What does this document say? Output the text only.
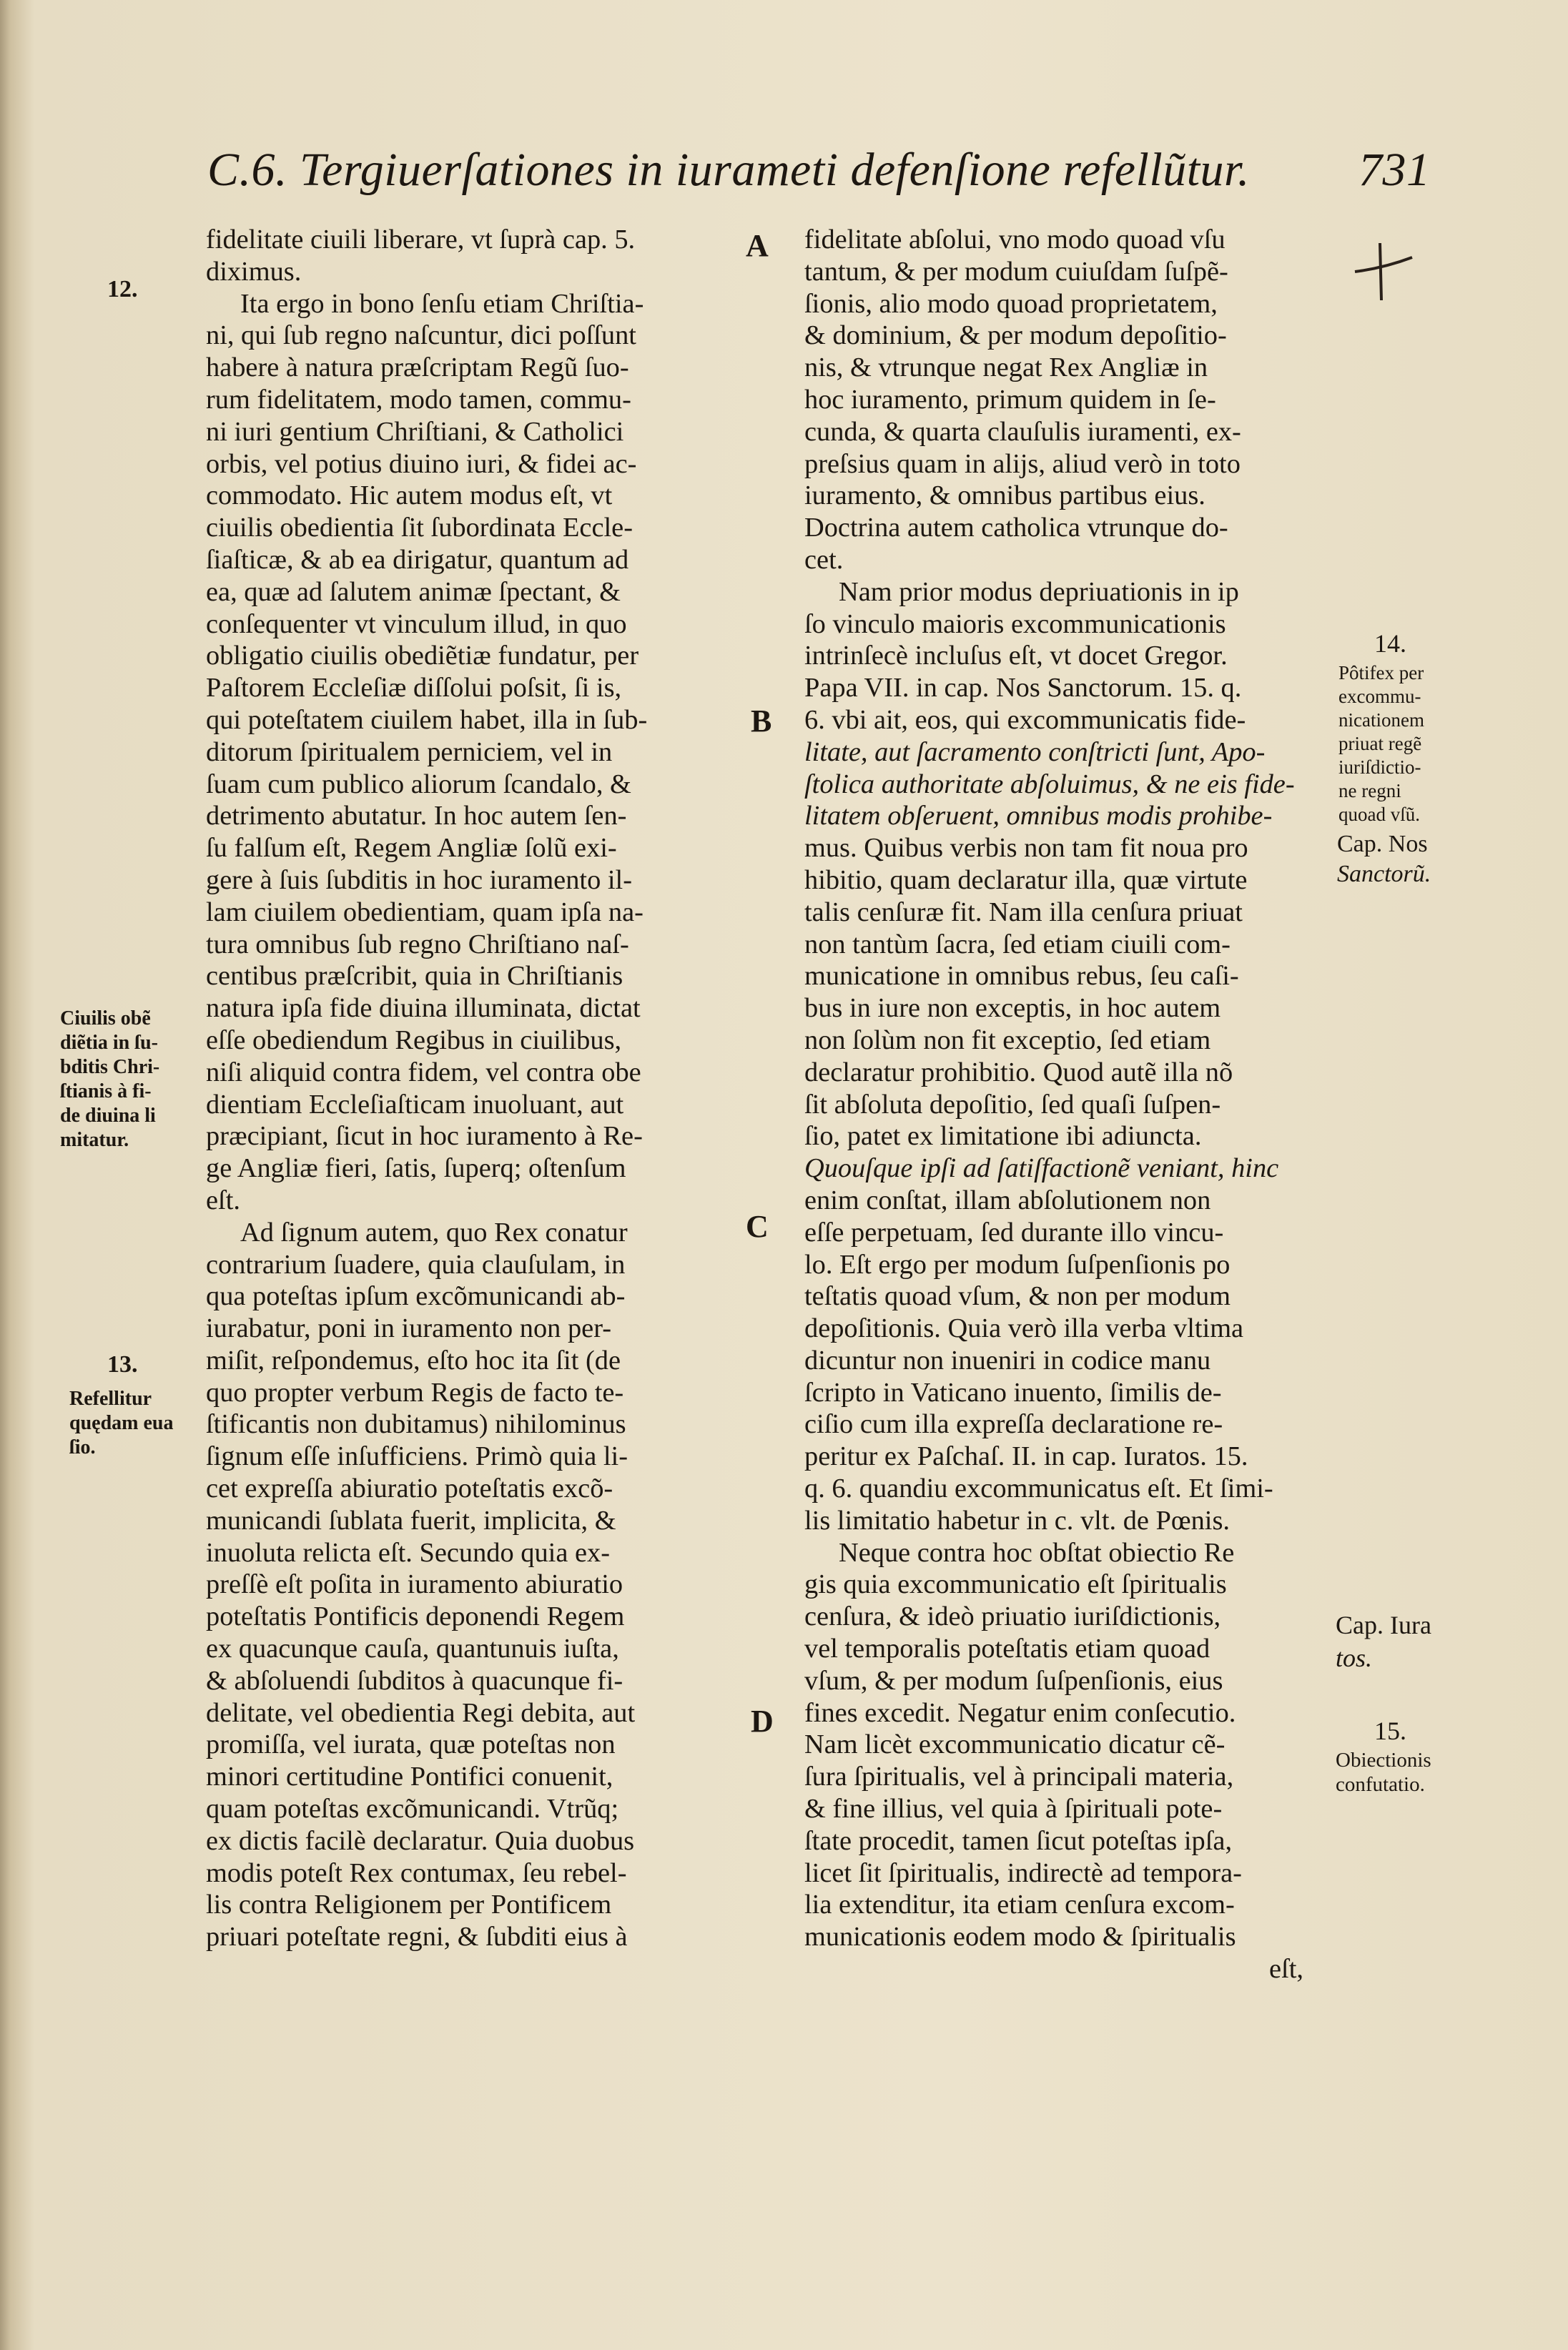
C.6. Tergiuerſationes in iurameti defenſione refellũtur. 731
fidelitate ciuili liberare, vt ſuprà cap. 5.
diximus.
Ita ergo in bono ſenſu etiam Chriſtia-
ni, qui ſub regno naſcuntur, dici poſſunt
habere à natura præſcriptam Regũ ſuo-
rum fidelitatem, modo tamen, commu-
ni iuri gentium Chriſtiani, & Catholici
orbis, vel potius diuino iuri, & fidei ac-
commodato. Hic autem modus eſt, vt
ciuilis obedientia ſit ſubordinata Eccle-
ſiaſticæ, & ab ea dirigatur, quantum ad
ea, quæ ad ſalutem animæ ſpectant, &
conſequenter vt vinculum illud, in quo
obligatio ciuilis obediẽtiæ fundatur, per
Paſtorem Eccleſiæ diſſolui poſsit, ſi is,
qui poteſtatem ciuilem habet, illa in ſub-
ditorum ſpiritualem perniciem, vel in
ſuam cum publico aliorum ſcandalo, &
detrimento abutatur. In hoc autem ſen-
ſu falſum eſt, Regem Angliæ ſolũ exi-
gere à ſuis ſubditis in hoc iuramento il-
lam ciuilem obedientiam, quam ipſa na-
tura omnibus ſub regno Chriſtiano naſ-
centibus præſcribit, quia in Chriſtianis
natura ipſa fide diuina illuminata, dictat
eſſe obediendum Regibus in ciuilibus,
niſi aliquid contra fidem, vel contra obe
dientiam Eccleſiaſticam inuoluant, aut
præcipiant, ſicut in hoc iuramento à Re-
ge Angliæ fieri, ſatis, ſuperq; oſtenſum
eſt.
Ad ſignum autem, quo Rex conatur
contrarium ſuadere, quia clauſulam, in
qua poteſtas ipſum excõmunicandi ab-
iurabatur, poni in iuramento non per-
miſit, reſpondemus, eſto hoc ita ſit (de
quo propter verbum Regis de facto te-
ſtificantis non dubitamus) nihilominus
ſignum eſſe inſufficiens. Primò quia li-
cet expreſſa abiuratio poteſtatis excõ-
municandi ſublata fuerit, implicita, &
inuoluta relicta eſt. Secundo quia ex-
preſſè eſt poſita in iuramento abiuratio
poteſtatis Pontificis deponendi Regem
ex quacunque cauſa, quantunuis iuſta,
& abſoluendi ſubditos à quacunque fi-
delitate, vel obedientia Regi debita, aut
promiſſa, vel iurata, quæ poteſtas non
minori certitudine Pontifici conuenit,
quam poteſtas excõmunicandi. Vtrũq;
ex dictis facilè declaratur. Quia duobus
modis poteſt Rex contumax, ſeu rebel-
lis contra Religionem per Pontificem
priuari poteſtate regni, & ſubditi eius à
A
B
C
D
fidelitate abſolui, vno modo quoad vſu
tantum, & per modum cuiuſdam ſuſpẽ-
ſionis, alio modo quoad proprietatem,
& dominium, & per modum depoſitio-
nis, & vtrunque negat Rex Angliæ in
hoc iuramento, primum quidem in ſe-
cunda, & quarta clauſulis iuramenti, ex-
preſsius quam in alijs, aliud verò in toto
iuramento, & omnibus partibus eius.
Doctrina autem catholica vtrunque do-
cet.
Nam prior modus depriuationis in ip
ſo vinculo maioris excommunicationis
intrinſecè incluſus eſt, vt docet Gregor.
Papa VII. in cap. Nos Sanctorum. 15. q.
6. vbi ait, eos, qui excommunicatis fide-
litate, aut ſacramento conſtricti ſunt, Apo-
ſtolica authoritate abſoluimus, & ne eis fide-
litatem obſeruent, omnibus modis prohibe-
mus. Quibus verbis non tam fit noua pro
hibitio, quam declaratur illa, quæ virtute
talis cenſuræ fit. Nam illa cenſura priuat
non tantùm ſacra, ſed etiam ciuili com-
municatione in omnibus rebus, ſeu caſi-
bus in iure non exceptis, in hoc autem
non ſolùm non fit exceptio, ſed etiam
declaratur prohibitio. Quod autẽ illa nõ
ſit abſoluta depoſitio, ſed quaſi ſuſpen-
ſio, patet ex limitatione ibi adiuncta.
Quouſque ipſi ad ſatiſfactionẽ veniant, hinc
enim conſtat, illam abſolutionem non
eſſe perpetuam, ſed durante illo vincu-
lo. Eſt ergo per modum ſuſpenſionis po
teſtatis quoad vſum, & non per modum
depoſitionis. Quia verò illa verba vltima
dicuntur non inueniri in codice manu
ſcripto in Vaticano inuento, ſimilis de-
ciſio cum illa expreſſa declaratione re-
peritur ex Paſchaſ. II. in cap. Iuratos. 15.
q. 6. quandiu excommunicatus eſt. Et ſimi-
lis limitatio habetur in c. vlt. de Pœnis.
Neque contra hoc obſtat obiectio Re
gis quia excommunicatio eſt ſpiritualis
cenſura, & ideò priuatio iuriſdictionis,
vel temporalis poteſtatis etiam quoad
vſum, & per modum ſuſpenſionis, eius
fines excedit. Negatur enim conſecutio.
Nam licèt excommunicatio dicatur cẽ-
ſura ſpiritualis, vel à principali materia,
& fine illius, vel quia à ſpirituali pote-
ſtate procedit, tamen ſicut poteſtas ipſa,
licet ſit ſpiritualis, indirectè ad tempora-
lia extenditur, ita etiam cenſura excom-
municationis eodem modo & ſpiritualis
eſt,
12.
Ciuilis obẽ
diẽtia in ſu-
bditis Chri-
ſtianis à fi-
de diuina li
mitatur.
13.
Refellitur
quędam eua
ſio.
14.
Pôtifex per
excommu-
nicationem
priuat regẽ
iuriſdictio-
ne regni
quoad vſũ.
Cap. Nos
Sanctorũ.
Cap. Iura
tos.
15.
Obiectionis
confutatio.
